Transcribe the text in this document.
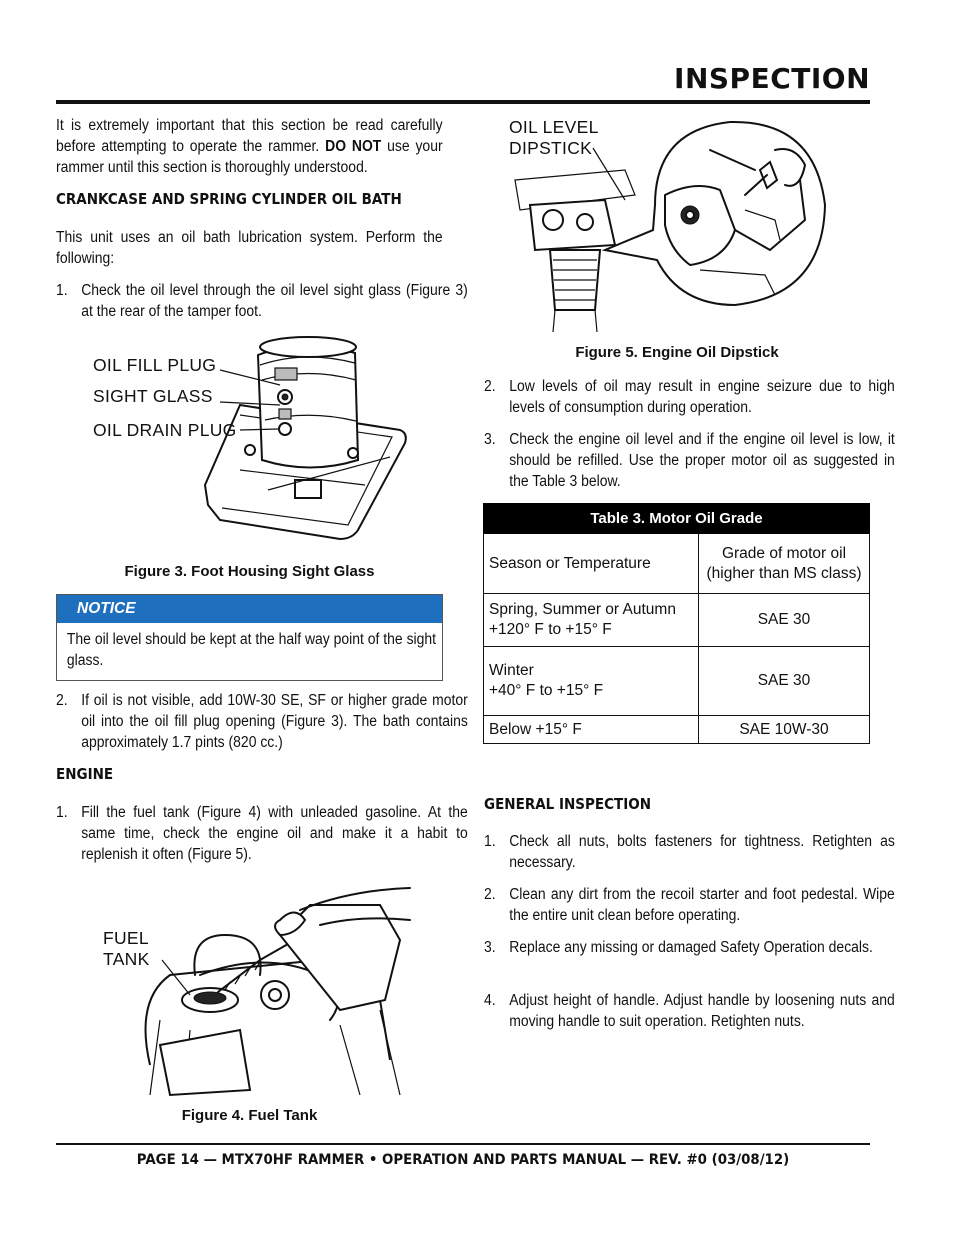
INSPECTION

It is extremely important that this section be read carefully before attempting to operate the rammer. DO NOT use your rammer until this section is thoroughly understood.

CRANKCASE AND SPRING CYLINDER OIL BATH

This unit uses an oil bath lubrication system. Perform the following:

1. Check the oil level through the oil level sight glass (Figure 3) at the rear of the tamper foot.

OIL FILL PLUG
SIGHT GLASS
OIL DRAIN PLUG
Figure 3. Foot Housing Sight Glass
NOTICE
The oil level should be kept at the half way point of the sight glass.

2. If oil is not visible, add 10W-30 SE, SF or higher grade motor oil into the oil fill plug opening (Figure 3). The bath contains approximately 1.7 pints (820 cc.)

ENGINE

1. Fill the fuel tank (Figure 4) with unleaded gasoline. At the same time, check the engine oil and make it a habit to replenish it often (Figure 5).

FUEL
TANK
Figure 4. Fuel Tank
OIL LEVEL
DIPSTICK
Figure 5. Engine Oil Dipstick

2. Low levels of oil may result in engine seizure due to high levels of consumption during operation.

3. Check the engine oil level and if the engine oil level is low, it should be refilled. Use the proper motor oil as suggested in the Table 3 below.

Table 3. Motor Oil Grade	
Season or Temperature	Grade of motor oil
(higher than MS class)

Spring, Summer or Autumn
+120° F to +15° F	SAE 30

Winter
+40° F to +15° F	SAE 30

Below +15° F	SAE 10W-30
GENERAL INSPECTION

1. Check all nuts, bolts fasteners for tightness. Retighten as necessary.

2. Clean any dirt from the recoil starter and foot pedestal. Wipe the entire unit clean before operating.

3. Replace any missing or damaged Safety Operation decals.

4. Adjust height of handle. Adjust handle by loosening nuts and moving handle to suit operation. Retighten nuts.

PAGE 14 — MTX70HF RAMMER • OPERATION AND PARTS MANUAL — REV. #0 (03/08/12)
